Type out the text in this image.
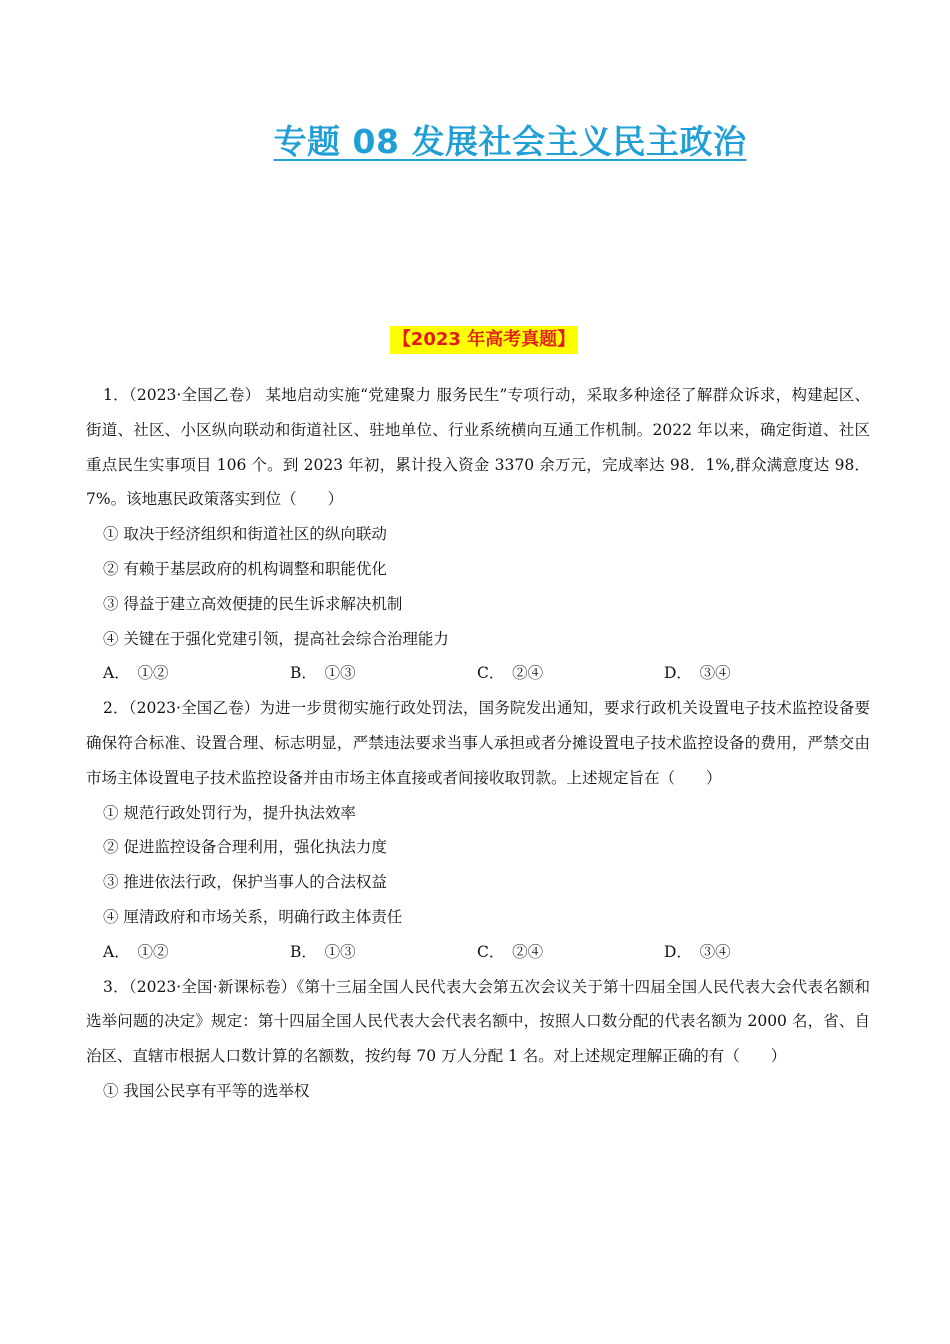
专题 08 发展社会主义民主政治
【2023 年高考真题】

1．（2023·全国乙卷） 某地启动实施“党建聚力 服务民生”专项行动，采取多种途径了解群众诉求，构建起区、街道、社区、小区纵向联动和街道社区、驻地单位、行业系统横向互通工作机制。2022 年以来，确定街道、社区重点民生实事项目 106 个。到 2023 年初，累计投入资金 3370 余万元，完成率达 98．1%,群众满意度达 98．7%。该地惠民政策落实到位（　　）

① 取决于经济组织和街道社区的纵向联动

② 有赖于基层政府的机构调整和职能优化

③ 得益于建立高效便捷的民生诉求解决机制

④ 关键在于强化党建引领，提高社会综合治理能力

A．　①②	B．　①③	C．　②④	D．　③④

2．（2023·全国乙卷）为进一步贯彻实施行政处罚法，国务院发出通知，要求行政机关设置电子技术监控设备要确保符合标准、设置合理、标志明显，严禁违法要求当事人承担或者分摊设置电子技术监控设备的费用，严禁交由市场主体设置电子技术监控设备并由市场主体直接或者间接收取罚款。上述规定旨在（　　）

① 规范行政处罚行为，提升执法效率

② 促进监控设备合理利用，强化执法力度

③ 推进依法行政，保护当事人的合法权益

④ 厘清政府和市场关系，明确行政主体责任

A．　①②	B．　①③	C．　②④	D．　③④

3．（2023·全国·新课标卷）《第十三届全国人民代表大会第五次会议关于第十四届全国人民代表大会代表名额和选举问题的决定》规定：第十四届全国人民代表大会代表名额中，按照人口数分配的代表名额为 2000 名，省、自治区、直辖市根据人口数计算的名额数，按约每 70 万人分配 1 名。对上述规定理解正确的有（　　）

① 我国公民享有平等的选举权
